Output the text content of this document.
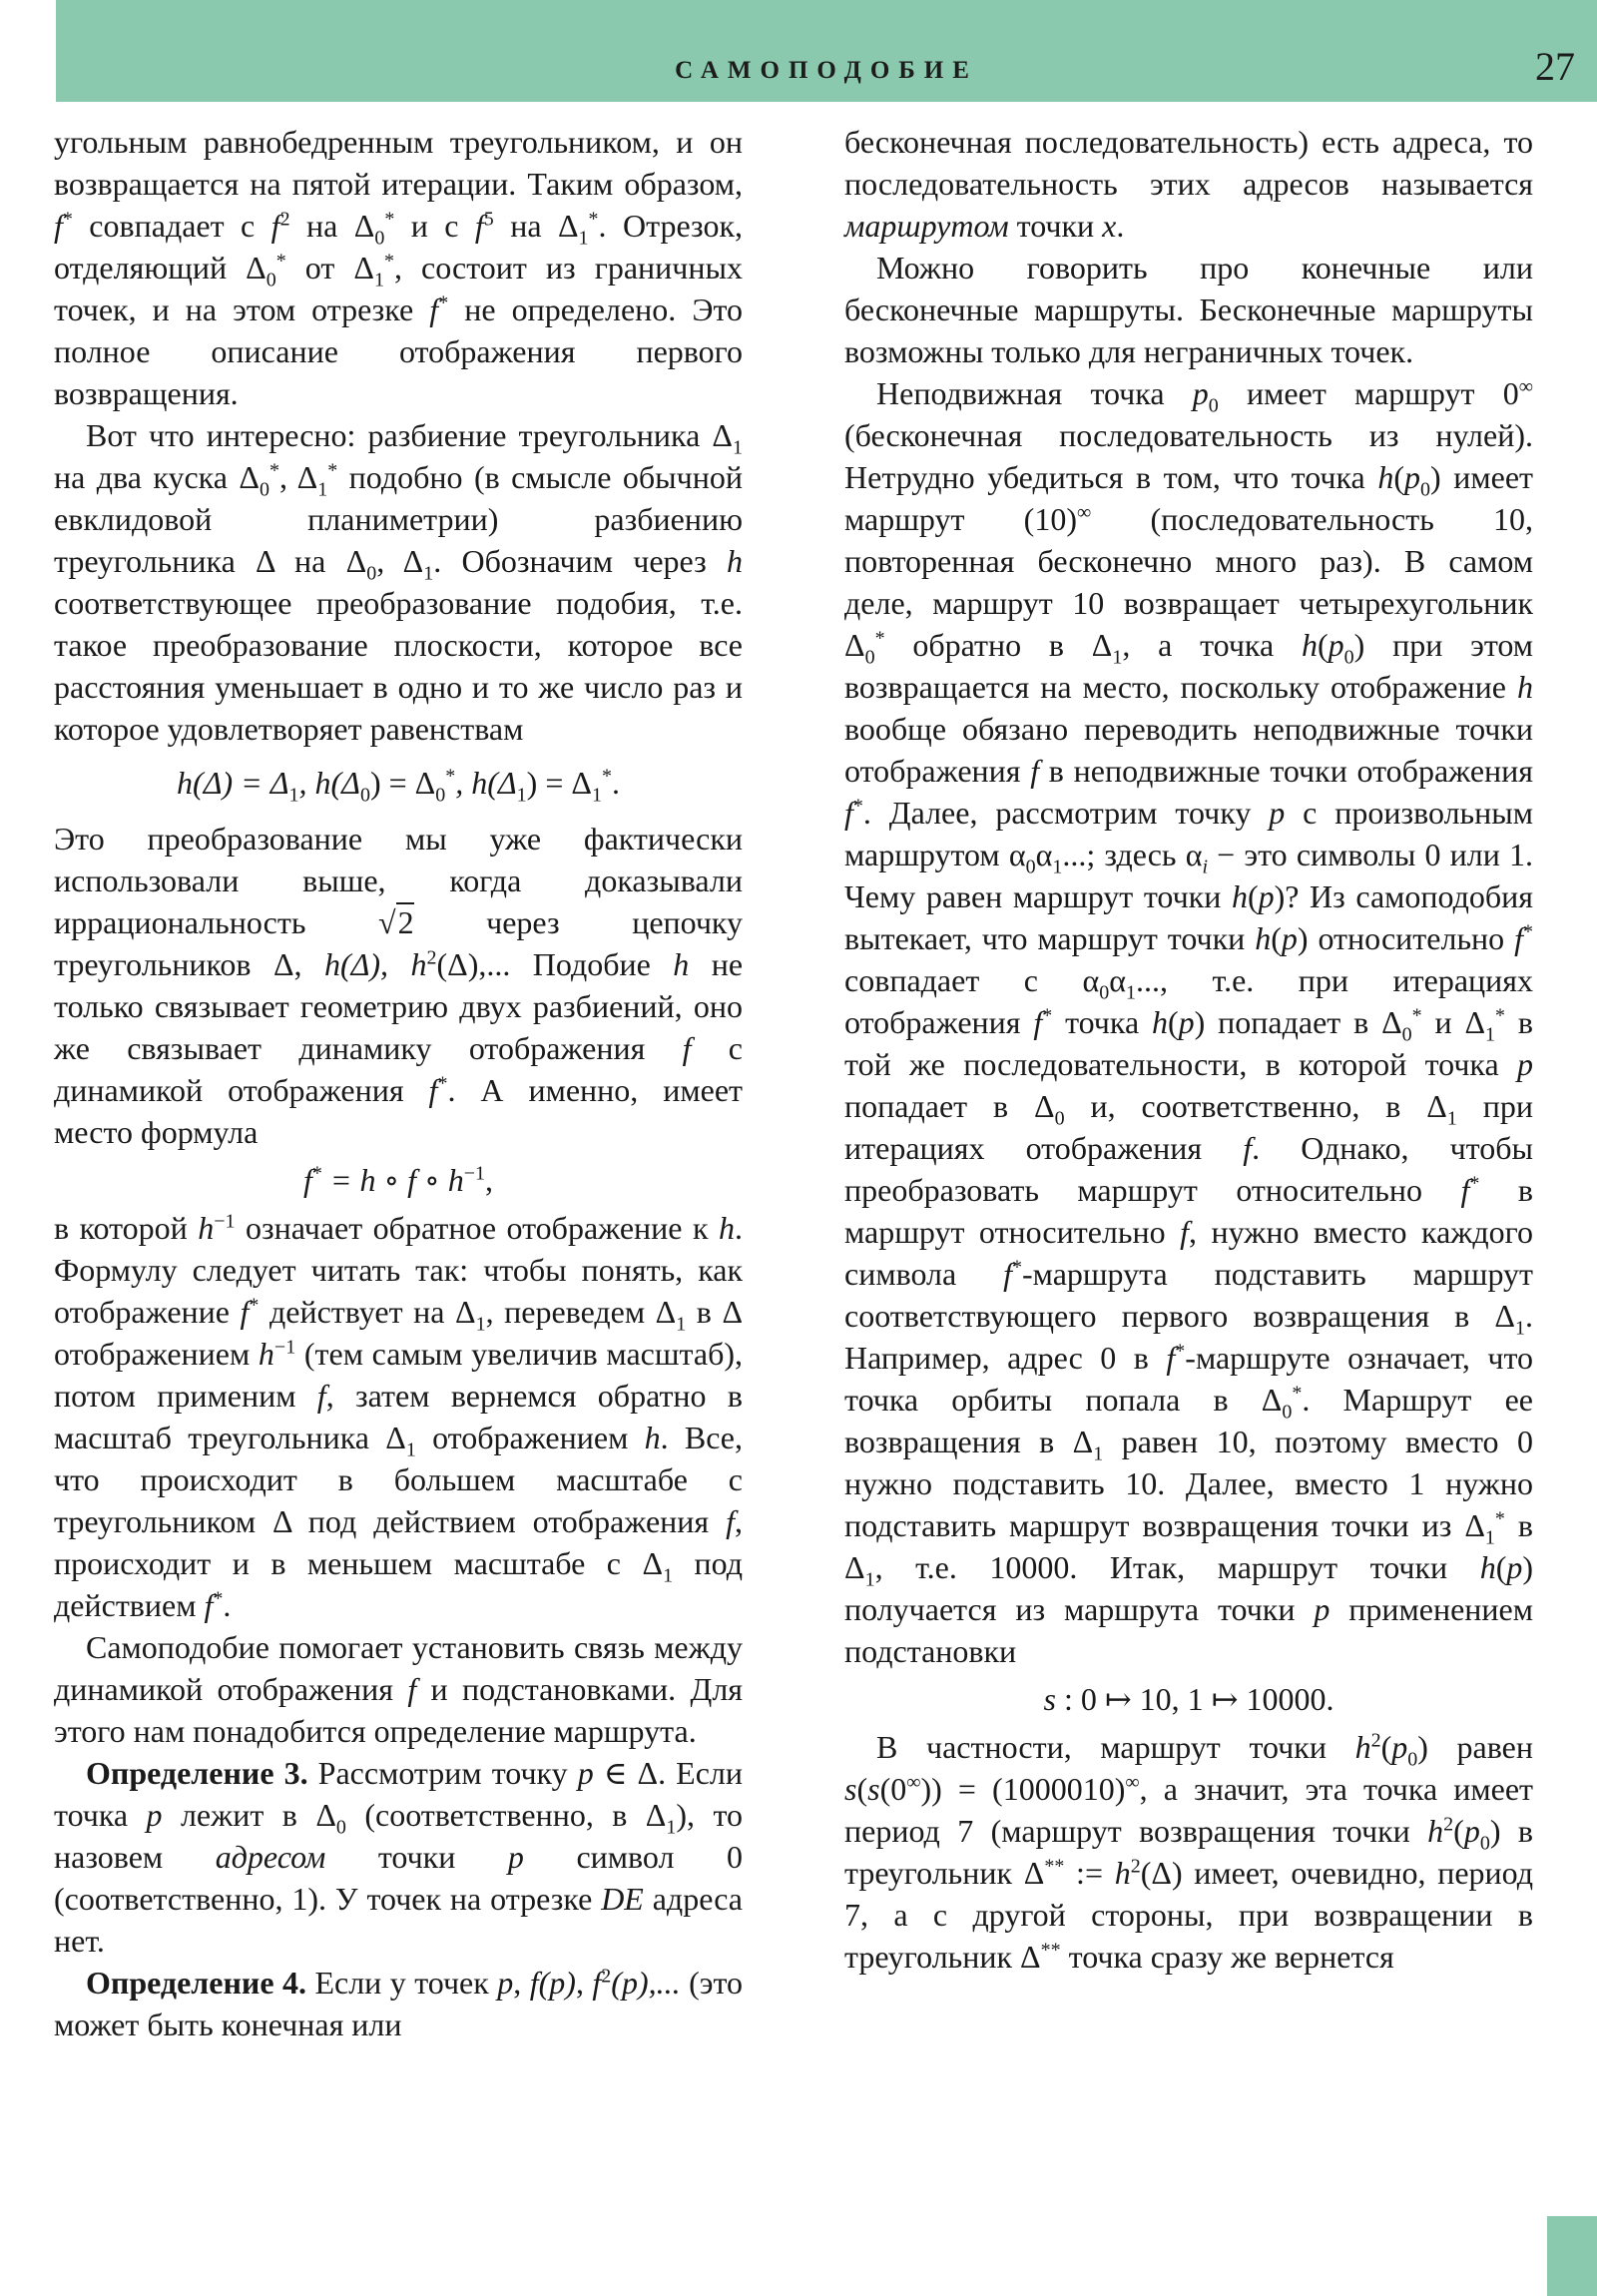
САМОПОДОБИЕ	27

угольным равнобедренным треугольником, и он возвращается на пятой итерации. Таким образом, f* совпадает с $f^2$ на $\Delta_0^*$ и с $f^5$ на $\Delta_1^*$. Отрезок, отделяющий $\Delta_0^*$ от $\Delta_1^*$, состоит из граничных точек, и на этом отрезке f* не определено. Это полное описание отображения первого возвращения.

Вот что интересно: разбиение треугольника $\Delta_1$ на два куска $\Delta_0^*$, $\Delta_1^*$ подобно (в смысле обычной евклидовой планиметрии) разбиению треугольника Δ на $\Delta_0$, $\Delta_1$. Обозначим через h соответствующее преобразование подобия, т.е. такое преобразование плоскости, которое все расстояния уменьшает в одно и то же число раз и которое удовлетворяет равенствам

$h(\Delta) = \Delta_1$, $h(\Delta_0) = \Delta_0^*$, $h(\Delta_1) = \Delta_1^*$.

Это преобразование мы уже фактически использовали выше, когда доказывали иррациональность √2 через цепочку треугольников Δ, h(Δ), $h^2(\Delta)$,... Подобие h не только связывает геометрию двух разбиений, оно же связывает динамику отображения f с динамикой отображения f*. А именно, имеет место формула

f* = h ∘ f ∘ $h^{-1}$,

в которой $h^{-1}$ означает обратное отображение к h. Формулу следует читать так: чтобы понять, как отображение f* действует на $\Delta_1$, переведем $\Delta_1$ в Δ отображением $h^{-1}$ (тем самым увеличив масштаб), потом применим f, затем вернемся обратно в масштаб треугольника $\Delta_1$ отображением h. Все, что происходит в большем масштабе с треугольником Δ под действием отображения f, происходит и в меньшем масштабе с $\Delta_1$ под действием f*.

Самоподобие помогает установить связь между динамикой отображения f и подстановками. Для этого нам понадобится определение маршрута.

Определение 3. Рассмотрим точку p ∈ Δ. Если точка p лежит в $\Delta_0$ (соответственно, в $\Delta_1$), то назовем адресом точки p символ 0 (соответственно, 1). У точек на отрезке DE адреса нет.

Определение 4. Если у точек p, f(p), $f^2(p)$,... (это может быть конечная или

бесконечная последовательность) есть адреса, то последовательность этих адресов называется маршрутом точки x.

Можно говорить про конечные или бесконечные маршруты. Бесконечные маршруты возможны только для неграничных точек.

Неподвижная точка $p_0$ имеет маршрут 0∞ (бесконечная последовательность из нулей). Нетрудно убедиться в том, что точка $h(p_0)$ имеет маршрут (10)∞ (последовательность 10, повторенная бесконечно много раз). В самом деле, маршрут 10 возвращает четырехугольник $\Delta_0^*$ обратно в $\Delta_1$, а точка $h(p_0)$ при этом возвращается на место, поскольку отображение h вообще обязано переводить неподвижные точки отображения f в неподвижные точки отображения f*. Далее, рассмотрим точку p с произвольным маршрутом $\alpha_0\alpha_1$...; здесь $\alpha_i$ − это символы 0 или 1. Чему равен маршрут точки h(p)? Из самоподобия вытекает, что маршрут точки h(p) относительно f* совпадает с $\alpha_0\alpha_1$..., т.е. при итерациях отображения f* точка h(p) попадает в $\Delta_0^*$ и $\Delta_1^*$ в той же последовательности, в которой точка p попадает в $\Delta_0$ и, соответственно, в $\Delta_1$ при итерациях отображения f. Однако, чтобы преобразовать маршрут относительно f* в маршрут относительно f, нужно вместо каждого символа f*-маршрута подставить маршрут соответствующего первого возвращения в $\Delta_1$. Например, адрес 0 в f*-маршруте означает, что точка орбиты попала в $\Delta_0^*$. Маршрут ее возвращения в $\Delta_1$ равен 10, поэтому вместо 0 нужно подставить 10. Далее, вместо 1 нужно подставить маршрут возвращения точки из $\Delta_1^*$ в $\Delta_1$, т.е. 10000. Итак, маршрут точки h(p) получается из маршрута точки p применением подстановки

s : 0 ↦ 10, 1 ↦ 10000.

В частности, маршрут точки $h^2(p_0)$ равен s(s(0∞)) = (1000010)∞, а значит, эта точка имеет период 7 (маршрут возвращения точки $h^2(p_0)$ в треугольник Δ** := $h^2(\Delta)$ имеет, очевидно, период 7, а с другой стороны, при возвращении в треугольник Δ** точка сразу же вернется
